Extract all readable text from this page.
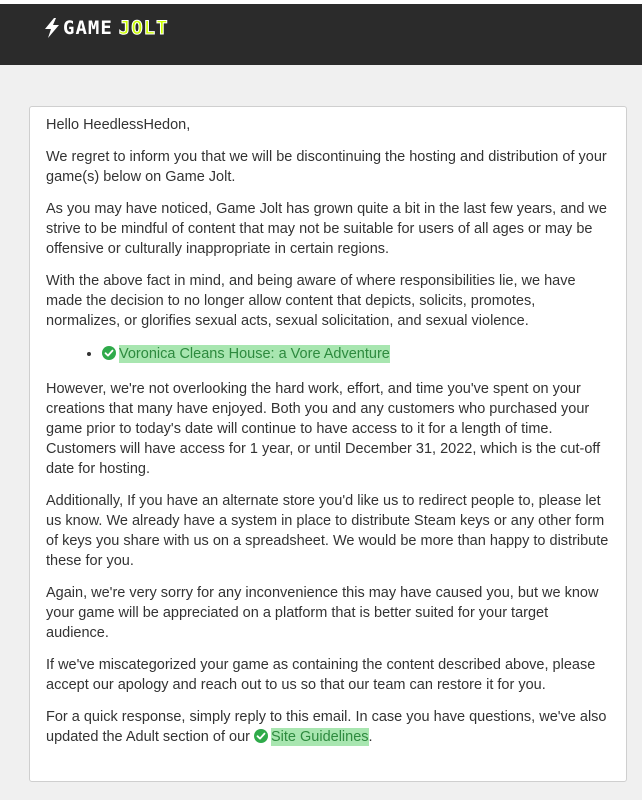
GAME JOLT

Hello HeedlessHedon,

We regret to inform you that we will be discontinuing the hosting and distribution of your game(s) below on Game Jolt.

As you may have noticed, Game Jolt has grown quite a bit in the last few years, and we strive to be mindful of content that may not be suitable for users of all ages or may be offensive or culturally inappropriate in certain regions.

With the above fact in mind, and being aware of where responsibilities lie, we have made the decision to no longer allow content that depicts, solicits, promotes, normalizes, or glorifies sexual acts, sexual solicitation, and sexual violence.

• Voronica Cleans House: a Vore Adventure

However, we're not overlooking the hard work, effort, and time you've spent on your creations that many have enjoyed. Both you and any customers who purchased your game prior to today's date will continue to have access to it for a length of time. Customers will have access for 1 year, or until December 31, 2022, which is the cut-off date for hosting.

Additionally, If you have an alternate store you'd like us to redirect people to, please let us know. We already have a system in place to distribute Steam keys or any other form of keys you share with us on a spreadsheet. We would be more than happy to distribute these for you.

Again, we're very sorry for any inconvenience this may have caused you, but we know your game will be appreciated on a platform that is better suited for your target audience.

If we've miscategorized your game as containing the content described above, please accept our apology and reach out to us so that our team can restore it for you.

For a quick response, simply reply to this email. In case you have questions, we've also updated the Adult section of our Site Guidelines.
